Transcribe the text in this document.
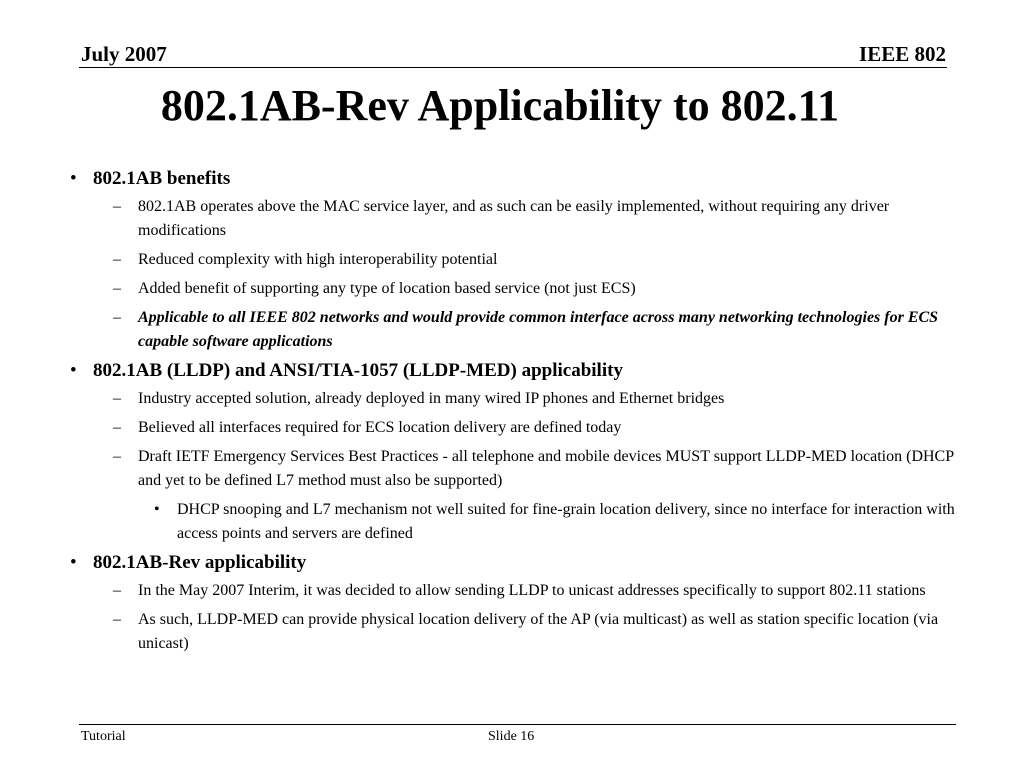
July 2007	IEEE 802
802.1AB-Rev Applicability to 802.11
• 802.1AB benefits
– 802.1AB operates above the MAC service layer, and as such can be easily implemented, without requiring any driver modifications
– Reduced complexity with high interoperability potential
– Added benefit of supporting any type of location based service (not just ECS)
– Applicable to all IEEE 802 networks and would provide common interface across many networking technologies for ECS capable software applications
• 802.1AB (LLDP) and ANSI/TIA-1057 (LLDP-MED) applicability
– Industry accepted solution, already deployed in many wired IP phones and Ethernet bridges
– Believed all interfaces required for ECS location delivery are defined today
– Draft IETF Emergency Services Best Practices - all telephone and mobile devices MUST support LLDP-MED location (DHCP and yet to be defined L7 method must also be supported)
• DHCP snooping and L7 mechanism not well suited for fine-grain location delivery, since no interface for interaction with access points and servers are defined
• 802.1AB-Rev applicability
– In the May 2007 Interim, it was decided to allow sending LLDP to unicast addresses specifically to support 802.11 stations
– As such, LLDP-MED can provide physical location delivery of the AP (via multicast) as well as station specific location (via unicast)
Tutorial	Slide 16
